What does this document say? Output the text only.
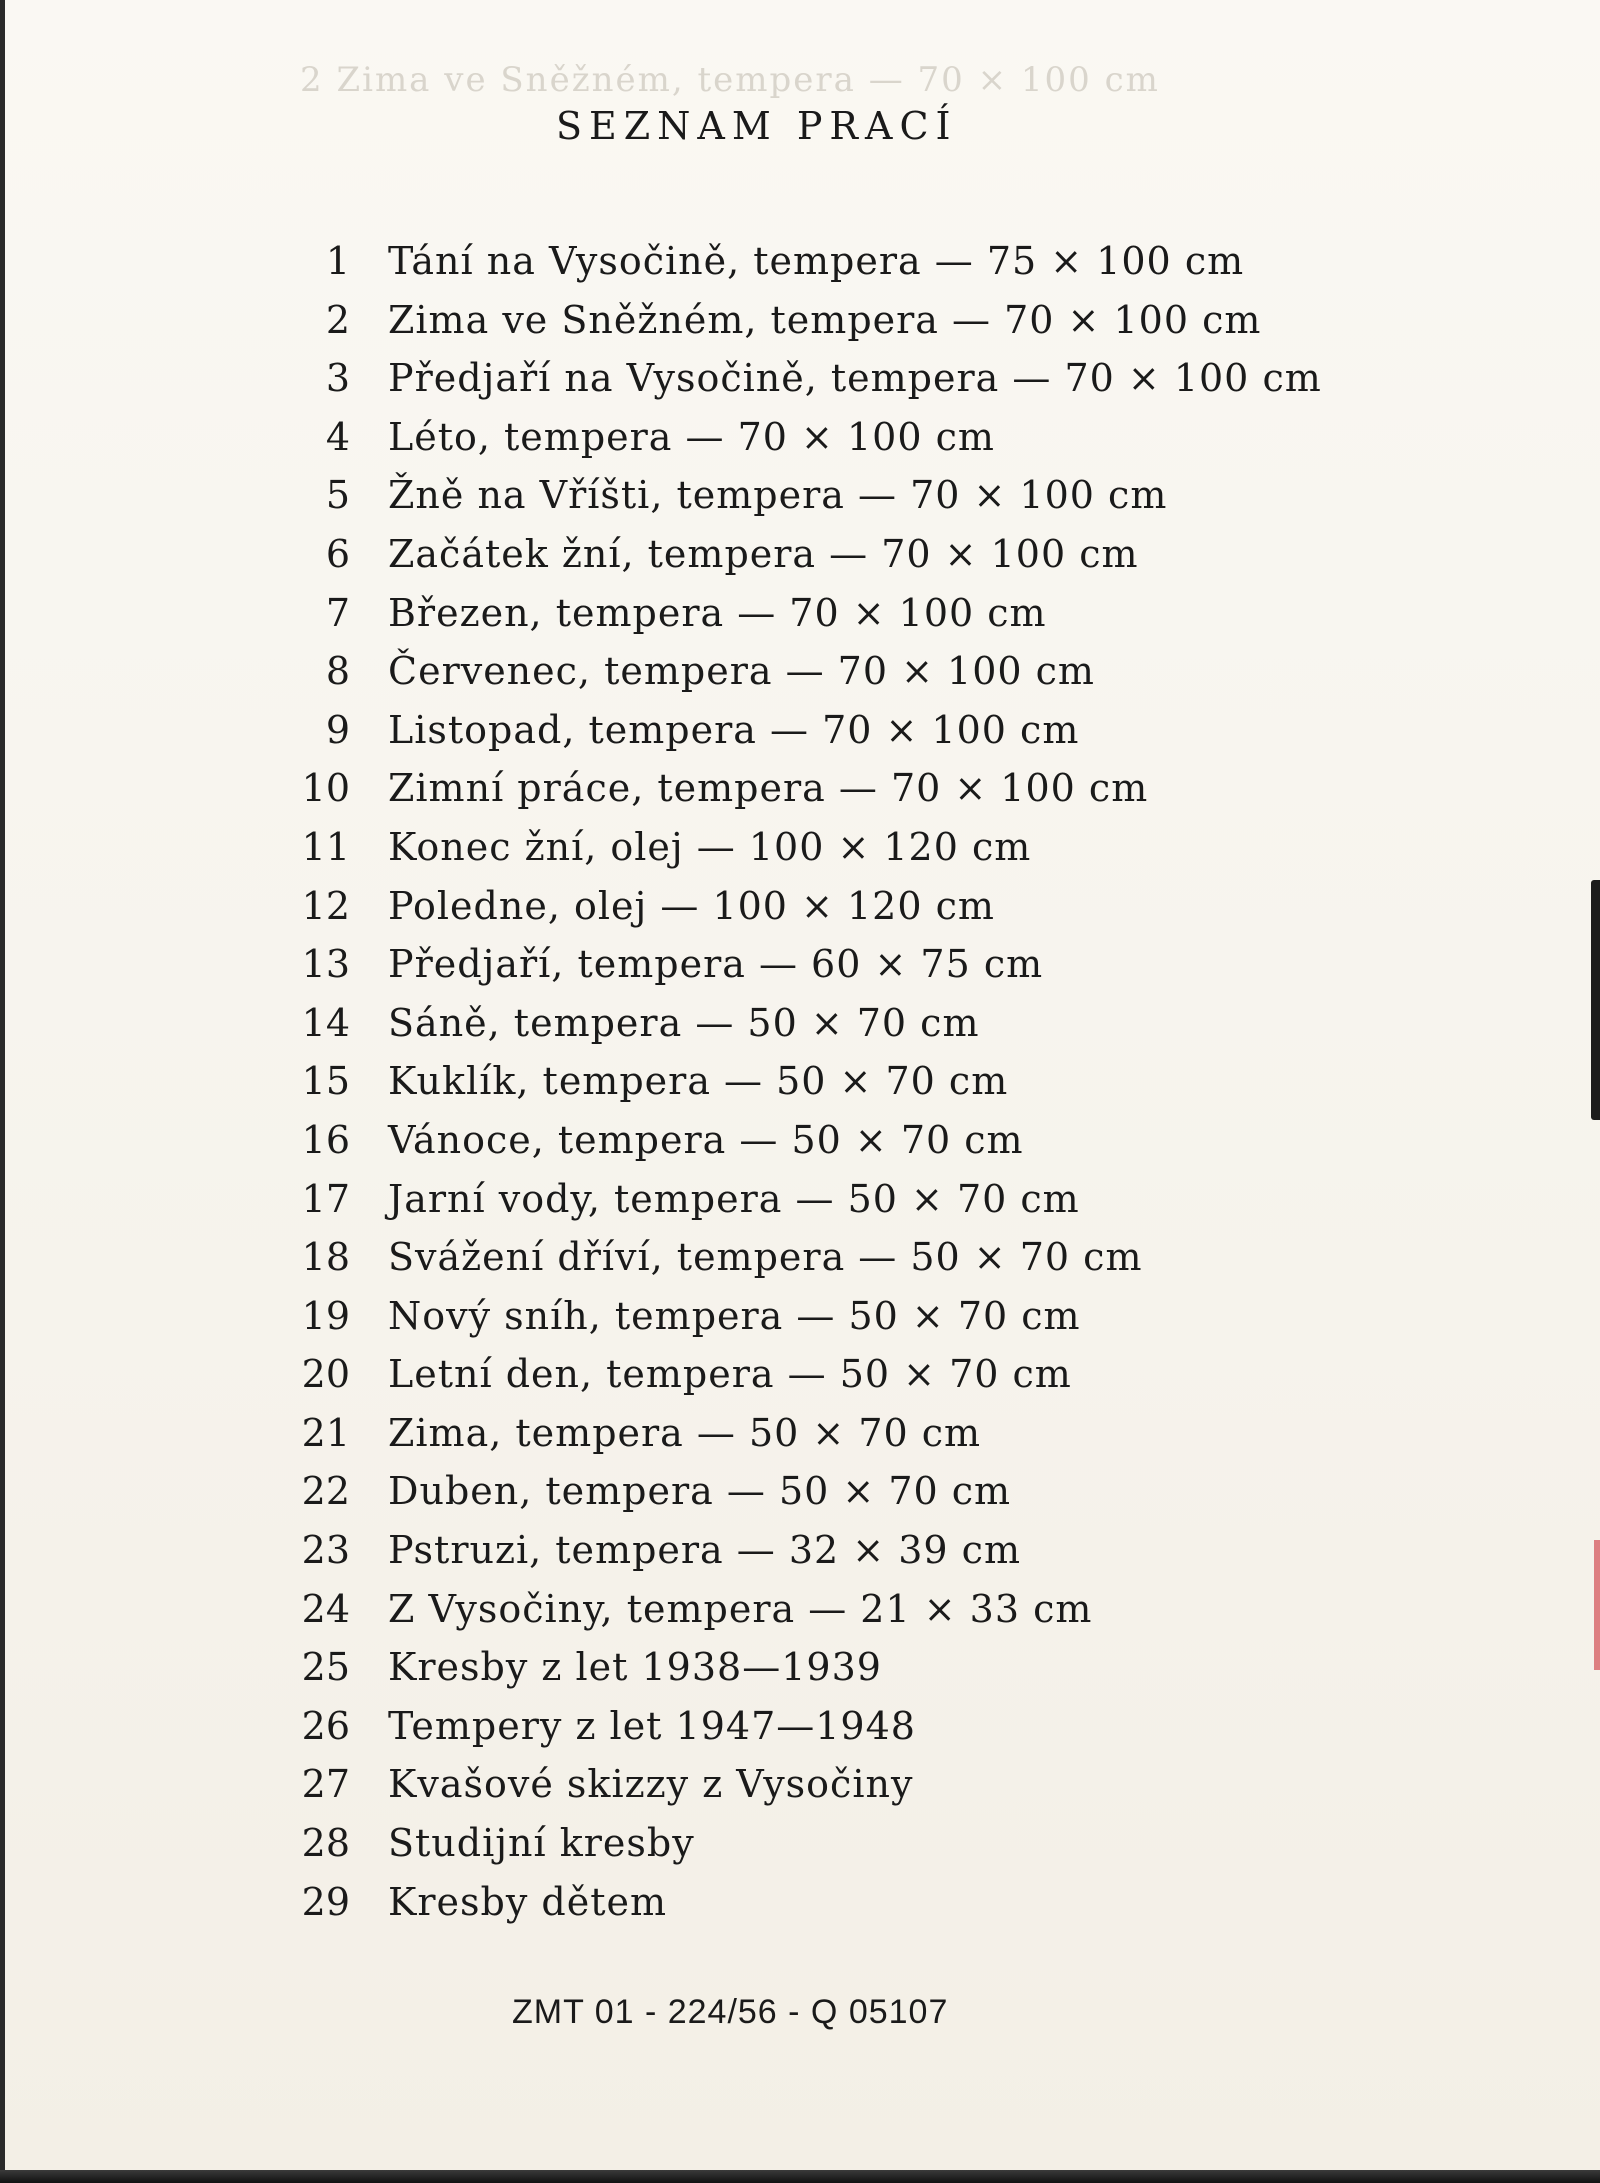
2 Zima ve Sněžném, tempera — 70 × 100 cm
SEZNAM PRACÍ
1 Tání na Vysočině, tempera — 75 × 100 cm
2 Zima ve Sněžném, tempera — 70 × 100 cm
3 Předjaří na Vysočině, tempera — 70 × 100 cm
4 Léto, tempera — 70 × 100 cm
5 Žně na Vříšti, tempera — 70 × 100 cm
6 Začátek žní, tempera — 70 × 100 cm
7 Březen, tempera — 70 × 100 cm
8 Červenec, tempera — 70 × 100 cm
9 Listopad, tempera — 70 × 100 cm
10 Zimní práce, tempera — 70 × 100 cm
11 Konec žní, olej — 100 × 120 cm
12 Poledne, olej — 100 × 120 cm
13 Předjaří, tempera — 60 × 75 cm
14 Sáně, tempera — 50 × 70 cm
15 Kuklík, tempera — 50 × 70 cm
16 Vánoce, tempera — 50 × 70 cm
17 Jarní vody, tempera — 50 × 70 cm
18 Svážení dříví, tempera — 50 × 70 cm
19 Nový sníh, tempera — 50 × 70 cm
20 Letní den, tempera — 50 × 70 cm
21 Zima, tempera — 50 × 70 cm
22 Duben, tempera — 50 × 70 cm
23 Pstruzi, tempera — 32 × 39 cm
24 Z Vysočiny, tempera — 21 × 33 cm
25 Kresby z let 1938—1939
26 Tempery z let 1947—1948
27 Kvašové skizzy z Vysočiny
28 Studijní kresby
29 Kresby dětem
ZMT 01 - 224/56 - Q 05107
